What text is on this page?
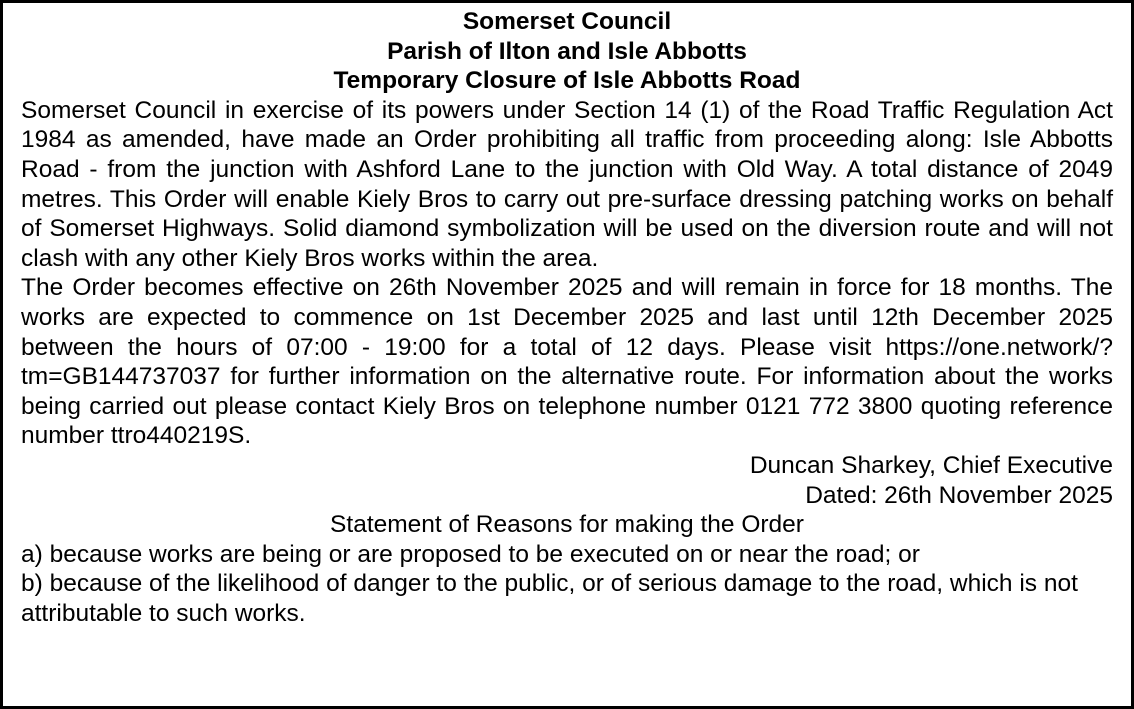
Somerset Council
Parish of Ilton and Isle Abbotts
Temporary Closure of Isle Abbotts Road

Somerset Council in exercise of its powers under Section 14 (1) of the Road Traffic Regulation Act 1984 as amended, have made an Order prohibiting all traffic from proceeding along: Isle Abbotts Road - from the junction with Ashford Lane to the junction with Old Way. A total distance of 2049 metres. This Order will enable Kiely Bros to carry out pre-surface dressing patching works on behalf of Somerset Highways. Solid diamond symbolization will be used on the diversion route and will not clash with any other Kiely Bros works within the area.

The Order becomes effective on 26th November 2025 and will remain in force for 18 months. The works are expected to commence on 1st December 2025 and last until 12th December 2025 between the hours of 07:00 - 19:00 for a total of 12 days. Please visit https://one.network/?tm=GB144737037 for further information on the alternative route. For information about the works being carried out please contact Kiely Bros on telephone number 0121 772 3800 quoting reference number ttro440219S.

Duncan Sharkey, Chief Executive
Dated: 26th November 2025
Statement of Reasons for making the Order
a) because works are being or are proposed to be executed on or near the road; or
b) because of the likelihood of danger to the public, or of serious damage to the road, which is not attributable to such works.
